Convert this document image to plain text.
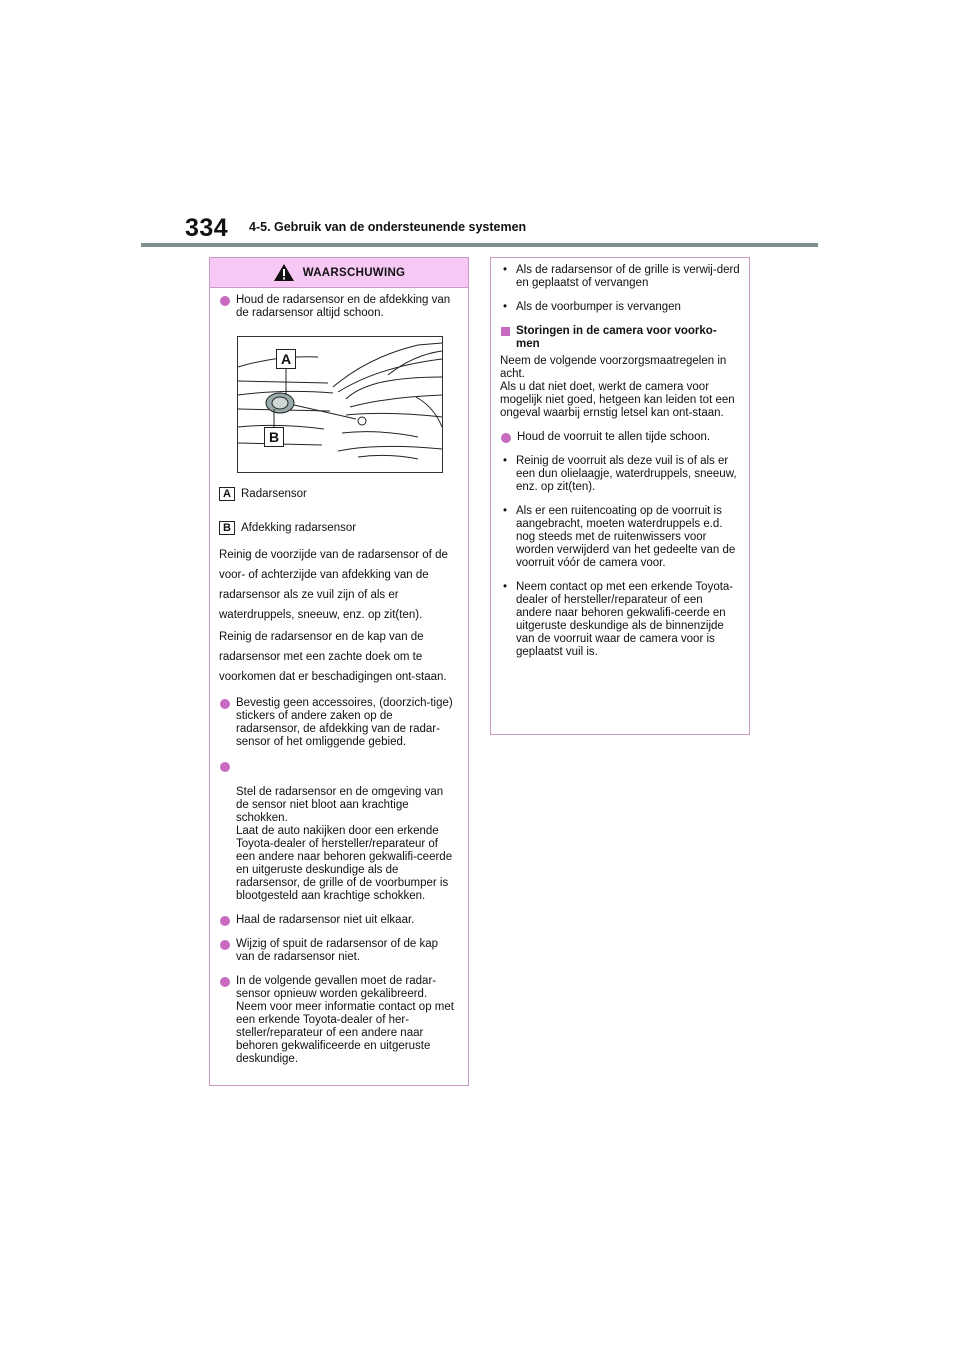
334 4-5. Gebruik van de ondersteunende systemen
WAARSCHUWING
Houd de radarsensor en de afdekking van de radarsensor altijd schoon.
A
B
A Radarsensor
B Afdekking radarsensor

Reinig de voorzijde van de radarsensor of de voor- of achterzijde van afdekking van de radarsensor als ze vuil zijn of als er waterdruppels, sneeuw, enz. op zit(ten).

Reinig de radarsensor en de kap van de radarsensor met een zachte doek om te voorkomen dat er beschadigingen ont-staan.

Bevestig geen accessoires, (doorzich-tige) stickers of andere zaken op de radarsensor, de afdekking van de radar-sensor of het omliggende gebied.

Stel de radarsensor en de omgeving van de sensor niet bloot aan krachtige schokken.
Laat de auto nakijken door een erkende Toyota-dealer of hersteller/reparateur of een andere naar behoren gekwalifi-ceerde en uitgeruste deskundige als de radarsensor, de grille of de voorbumper is blootgesteld aan krachtige schokken.

Haal de radarsensor niet uit elkaar.
Wijzig of spuit de radarsensor of de kap van de radarsensor niet.
In de volgende gevallen moet de radar-sensor opnieuw worden gekalibreerd. Neem voor meer informatie contact op met een erkende Toyota-dealer of her-steller/reparateur of een andere naar behoren gekwalificeerde en uitgeruste deskundige.
• Als de radarsensor of de grille is verwij-derd en geplaatst of vervangen
• Als de voorbumper is vervangen
Storingen in de camera voor voorko-men
Neem de volgende voorzorgsmaatregelen in acht.
Als u dat niet doet, werkt de camera voor mogelijk niet goed, hetgeen kan leiden tot een ongeval waarbij ernstig letsel kan ont-staan.
Houd de voorruit te allen tijde schoon.
• Reinig de voorruit als deze vuil is of als er een dun olielaagje, waterdruppels, sneeuw, enz. op zit(ten).
• Als er een ruitencoating op de voorruit is aangebracht, moeten waterdruppels e.d. nog steeds met de ruitenwissers voor worden verwijderd van het gedeelte van de voorruit vóór de camera voor.
• Neem contact op met een erkende Toyota-dealer of hersteller/reparateur of een andere naar behoren gekwalifi-ceerde en uitgeruste deskundige als de binnenzijde van de voorruit waar de camera voor is geplaatst vuil is.
